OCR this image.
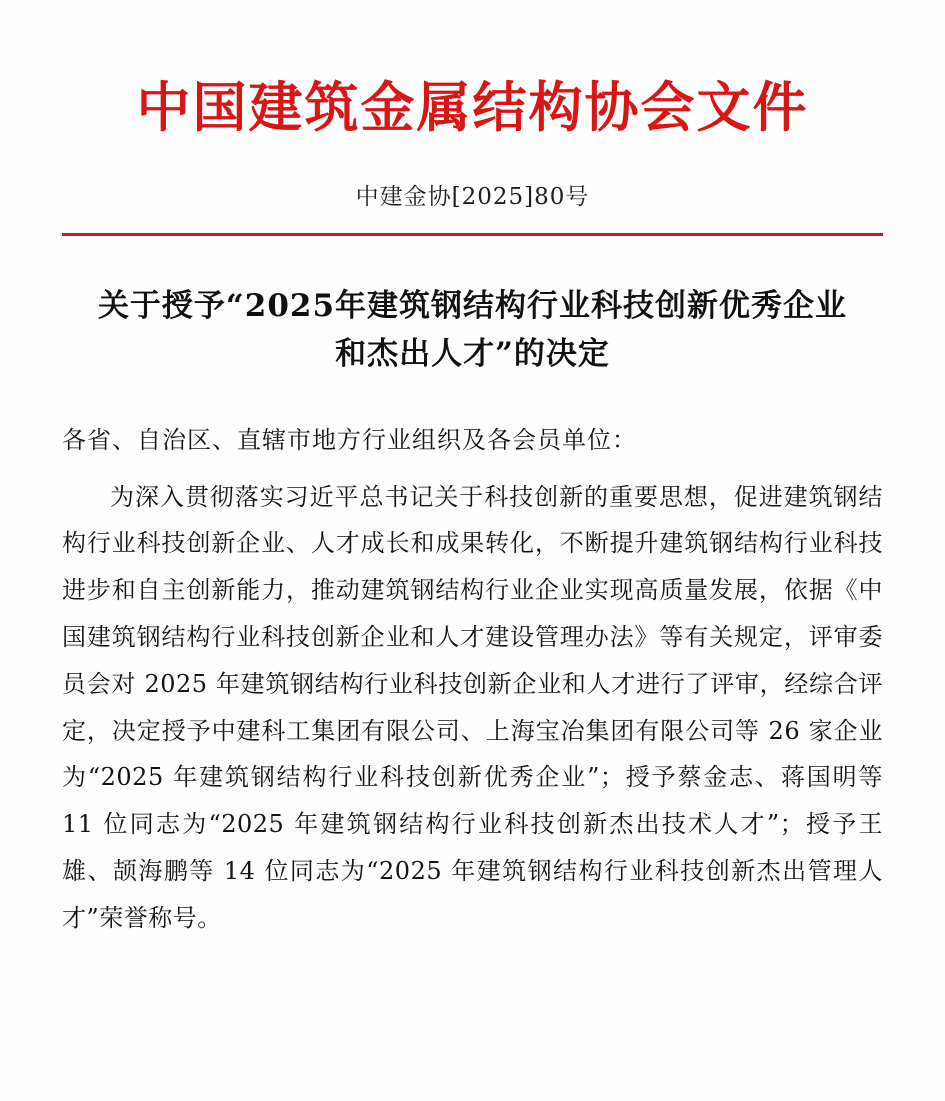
中国建筑金属结构协会文件
中建金协[2025]80号
关于授予“2025年建筑钢结构行业科技创新优秀企业和杰出人才”的决定
各省、自治区、直辖市地方行业组织及各会员单位：
为深入贯彻落实习近平总书记关于科技创新的重要思想，促进建筑钢结构行业科技创新企业、人才成长和成果转化，不断提升建筑钢结构行业科技进步和自主创新能力，推动建筑钢结构行业企业实现高质量发展，依据《中国建筑钢结构行业科技创新企业和人才建设管理办法》等有关规定，评审委员会对 2025 年建筑钢结构行业科技创新企业和人才进行了评审，经综合评定，决定授予中建科工集团有限公司、上海宝冶集团有限公司等 26 家企业为“2025 年建筑钢结构行业科技创新优秀企业”；授予蔡金志、蒋国明等 11 位同志为“2025 年建筑钢结构行业科技创新杰出技术人才”；授予王雄、颉海鹏等 14 位同志为“2025 年建筑钢结构行业科技创新杰出管理人才”荣誉称号。
